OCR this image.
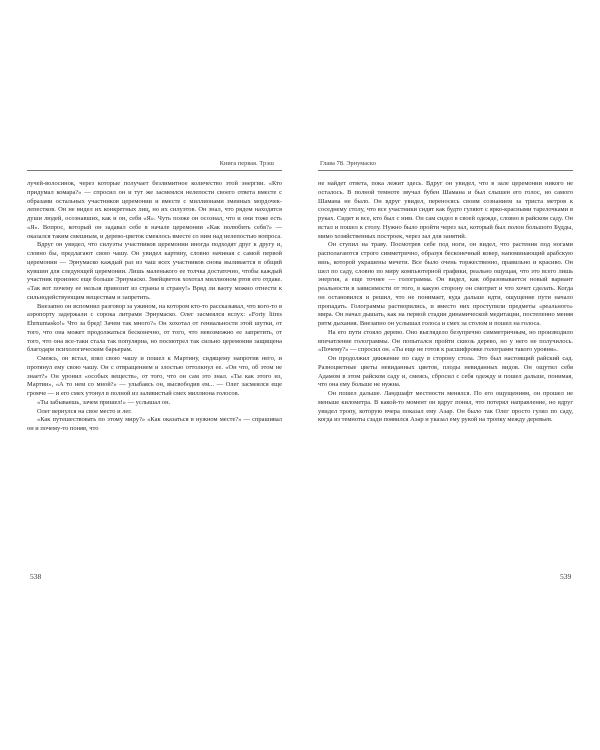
Книга первая. Трэш

лучей-волосинок, через которые получает безлимитное количество этой энергии. «Кто придумал комара?» — спросил он и тут же засмеялся нелепости своего ответа вместе с образами остальных участников церемонии и вместе с миллионами змеиных мордочек-лепестков. Он не видел их конкретных лиц, но их силуэтов. Он знал, что рядом находятся души людей, осознавших, как и он, себя «Я». Чуть позже он осознал, что и они тоже есть «Я». Вопрос, который он задавал себе в начале церемонии «Как полюбить себя?» —оказался таким смешным, и дерево-цветок смеялось вместе со ним над нелепостью вопроса.

Вдруг он увидел, что силуэты участников церемонии иногда подходят друг к другу и, словно бы, предлагают свою чашу. Он увидел картину, словно начиная с самой первой церемонии — Эрнумаско каждый раз из чаш всех участников снова выливается в общий кувшин для следующей церемонии. Лишь маленького ее толчка достаточно, чтобы каждый участник произнес еще больше Эрнумаско. Змейцветок хохотал миллионом ртов его отдаке. «Так вот почему ее нельзя привозит из страны в страну!» Вряд ли ваоту можно отнести к сильнодействующим веществам и запретить.

Внезапно он вспомнил разговор за ужином, на котором кто-то рассказывал, что кого-то в аэропорту задержали с сорока литрами Эрнумаско. Олег засмеялся вслух: «Forty litres Ehrnumasko!» Что за бред! Зачем так много?» Он хохотал от гениальности этой шутки, от того, что она может продолжаться бесконечно, от того, что невозможно ее запретить, от того, что она все-таки стала так популярна, но посмотрел так сильно церемония защищена благодаря психологическим барьерам.

Смеясь, он встал, взял свою чашу и пошел к Мартину, сидящему напротив него, и протянул ему свою чашу. Он с отвращением и злостью оттолкнул ее. «Он что, об этом не знает?» Он уронил «особых веществ», от того, что он сам это знал. «Ты как этого из, Мартин», «А то нем со мной?» — улыбаясь он, высвободив ем... — Олег засмеялся еще громче — и его смех утонул в полной из заливистый смех миллиона голосов.

«Ты забываешь, зачем пришел!» — услышал он.

Олег вернулся на свое место и лег.

«Как путешествовать по этому миру?» «Как оказаться в нужном месте?» — спрашивал он и почему-то поняв, что

Глава 78. Эрнумаско

не найдет ответа, пока лежит здесь. Вдруг он увидел, что в зале церемонии никого не осталось. В полной темноте звучал бубен Шамана и был слышен его голос, но самого Шамана не было. Он вдруг увидел, переносясь своим сознанием за триста метров к соседнему столу, что все участники сидят как будто гуляют с ярко-красными тарелочками в руках. Сидят и все, кто был с ним. Он сам сидел в своей одежде, словно в райском саду. Он встал и пошел к столу. Нужно было пройти через зал, который был полон большого Будды, мимо хозяйственных построек, через зал для занятий.

Он ступил на траву. Посмотрев себе под ноги, он видел, что растения под ногами располагаются строго симметрично, образуя бесконечный ковер, напоминающий арабскую вязь, которой украшены мечети. Все было очень торжественно, правильно и красиво. Он шел по саду, словно по миру компьютерной графики, реально ощущая, что это всего лишь энергия, а еще точнее — голограмма. Он видел, как образовывается новый вариант реальности в зависимости от того, в какую сторону он смотрит и что хочет сделать. Когда он остановился и решил, что не понимает, куда дальше идти, ощущение пути начало пропадать. Голограммы растворились, и вместо них проступили предметы «реального» мира. Он начал дышать, как на первой стадии динамической медитации, постепенно меняя ритм дыхания. Внезапно он услышал голоса и смех за столом и пошел на голоса.

На его пути стояло дерево. Оно выглядело безупречно симметричным, но производило впечатление голограммы. Он попытался пройти сквозь дерево, но у него не получилось. «Почему?» — спросил он. «Ты еще не готов к расшифровке голограмм такого уровня».

Он продолжил движение по саду в сторону стола. Это был настоящий райский сад. Разноцветные цветы невиданных цветов, плоды невиданных видов. Он ощутил себя Адамом в этом райском саду и, смеясь, сбросил с себя одежду и пошел дальше, понимая, что она ему больше не нужна.

Он пошел дальше. Ландшафт местности менялся. По его ощущениям, он прошел не меньше километра. В какой-то момент он вдруг понял, что потерял направление, но вдруг увидел тропу, которую вчера показал ему Аэар. Он было так Олег просто гулял по саду, когда из темноты сзади появился Аэар и указал ему рукой на тропку между деревьев.

538	539
